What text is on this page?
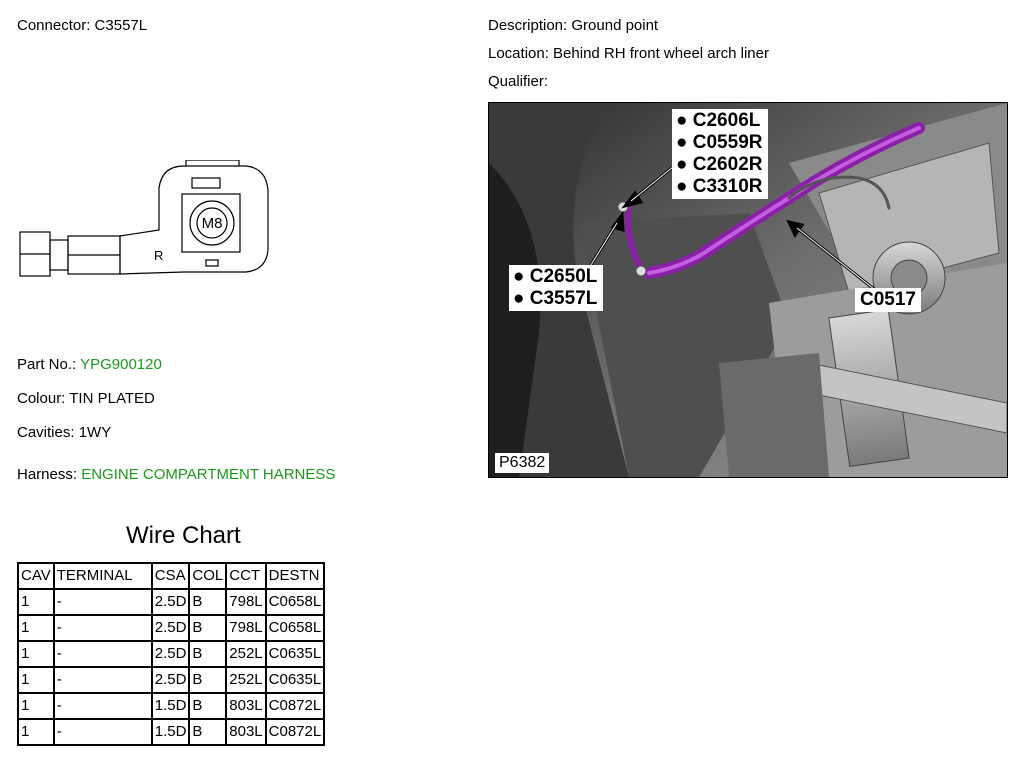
Connector: C3557L
M8
R
Part No.: YPG900120
Colour: TIN PLATED
Cavities: 1WY
Harness: ENGINE COMPARTMENT HARNESS
Description: Ground point
Location: Behind RH front wheel arch liner
Qualifier:
● C2606L
● C0559R
● C2602R
● C3310R
● C2650L
● C3557L	C0517
P6382
Wire Chart
CAV	TERMINAL	CSA	COL	CCT	DESTN
1	-	2.5D	B	798L	C0658L
1	-	2.5D	B	798L	C0658L
1	-	2.5D	B	252L	C0635L
1	-	2.5D	B	252L	C0635L
1	-	1.5D	B	803L	C0872L
1	-	1.5D	B	803L	C0872L
